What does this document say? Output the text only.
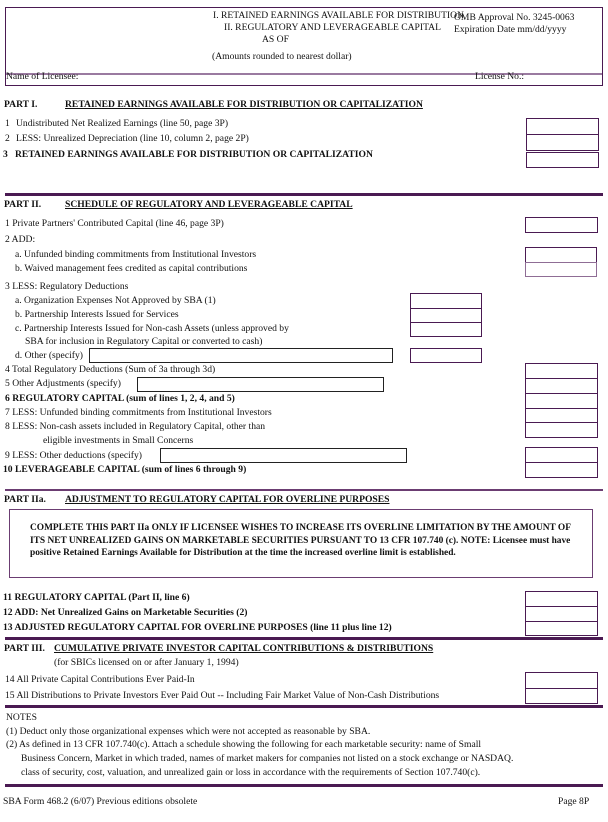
I. RETAINED EARNINGS AVAILABLE FOR DISTRIBUTION
II. REGULATORY AND LEVERAGEABLE CAPITAL
AS OF
(Amounts rounded to nearest dollar)
OMB Approval No. 3245-0063
Expiration Date mm/dd/yyyy
Name of Licensee:	License No.:
PART I.	RETAINED EARNINGS AVAILABLE FOR DISTRIBUTION OR CAPITALIZATION
1 Undistributed Net Realized Earnings (line 50, page 3P)
2 LESS: Unrealized Depreciation (line 10, column 2, page 2P)
3 RETAINED EARNINGS AVAILABLE FOR DISTRIBUTION OR CAPITALIZATION
PART II. SCHEDULE OF REGULATORY AND LEVERAGEABLE CAPITAL
1 Private Partners' Contributed Capital (line 46, page 3P)
2 ADD:
a. Unfunded binding commitments from Institutional Investors
b. Waived management fees credited as capital contributions
3 LESS: Regulatory Deductions
a. Organization Expenses Not Approved by SBA (1)
b. Partnership Interests Issued for Services
c. Partnership Interests Issued for Non-cash Assets (unless approved by
SBA for inclusion in Regulatory Capital or converted to cash)
d. Other (specify)
4 Total Regulatory Deductions (Sum of 3a through 3d)
5 Other Adjustments (specify)
6 REGULATORY CAPITAL (sum of lines 1, 2, 4, and 5)
7 LESS: Unfunded binding commitments from Institutional Investors
8 LESS: Non-cash assets included in Regulatory Capital, other than
eligible investments in Small Concerns
9 LESS: Other deductions (specify)
10 LEVERAGEABLE CAPITAL (sum of lines 6 through 9)
PART IIa. ADJUSTMENT TO REGULATORY CAPITAL FOR OVERLINE PURPOSES

COMPLETE THIS PART IIa ONLY IF LICENSEE WISHES TO INCREASE ITS OVERLINE LIMITATION BY THE AMOUNT OF ITS NET UNREALIZED GAINS ON MARKETABLE SECURITIES PURSUANT TO 13 CFR 107.740 (c). NOTE: Licensee must have positive Retained Earnings Available for Distribution at the time the increased overline limit is established.

11 REGULATORY CAPITAL (Part II, line 6)
12 ADD: Net Unrealized Gains on Marketable Securities (2)
13 ADJUSTED REGULATORY CAPITAL FOR OVERLINE PURPOSES (line 11 plus line 12)
PART III. CUMULATIVE PRIVATE INVESTOR CAPITAL CONTRIBUTIONS & DISTRIBUTIONS
(for SBICs licensed on or after January 1, 1994)
14 All Private Capital Contributions Ever Paid-In
15 All Distributions to Private Investors Ever Paid Out -- Including Fair Market Value of Non-Cash Distributions
NOTES
(1) Deduct only those organizational expenses which were not accepted as reasonable by SBA.
(2) As defined in 13 CFR 107.740(c). Attach a schedule showing the following for each marketable security: name of Small
Business Concern, Market in which traded, names of market makers for companies not listed on a stock exchange or NASDAQ.
class of security, cost, valuation, and unrealized gain or loss in accordance with the requirements of Section 107.740(c).
SBA Form 468.2 (6/07) Previous editions obsolete	Page 8P
